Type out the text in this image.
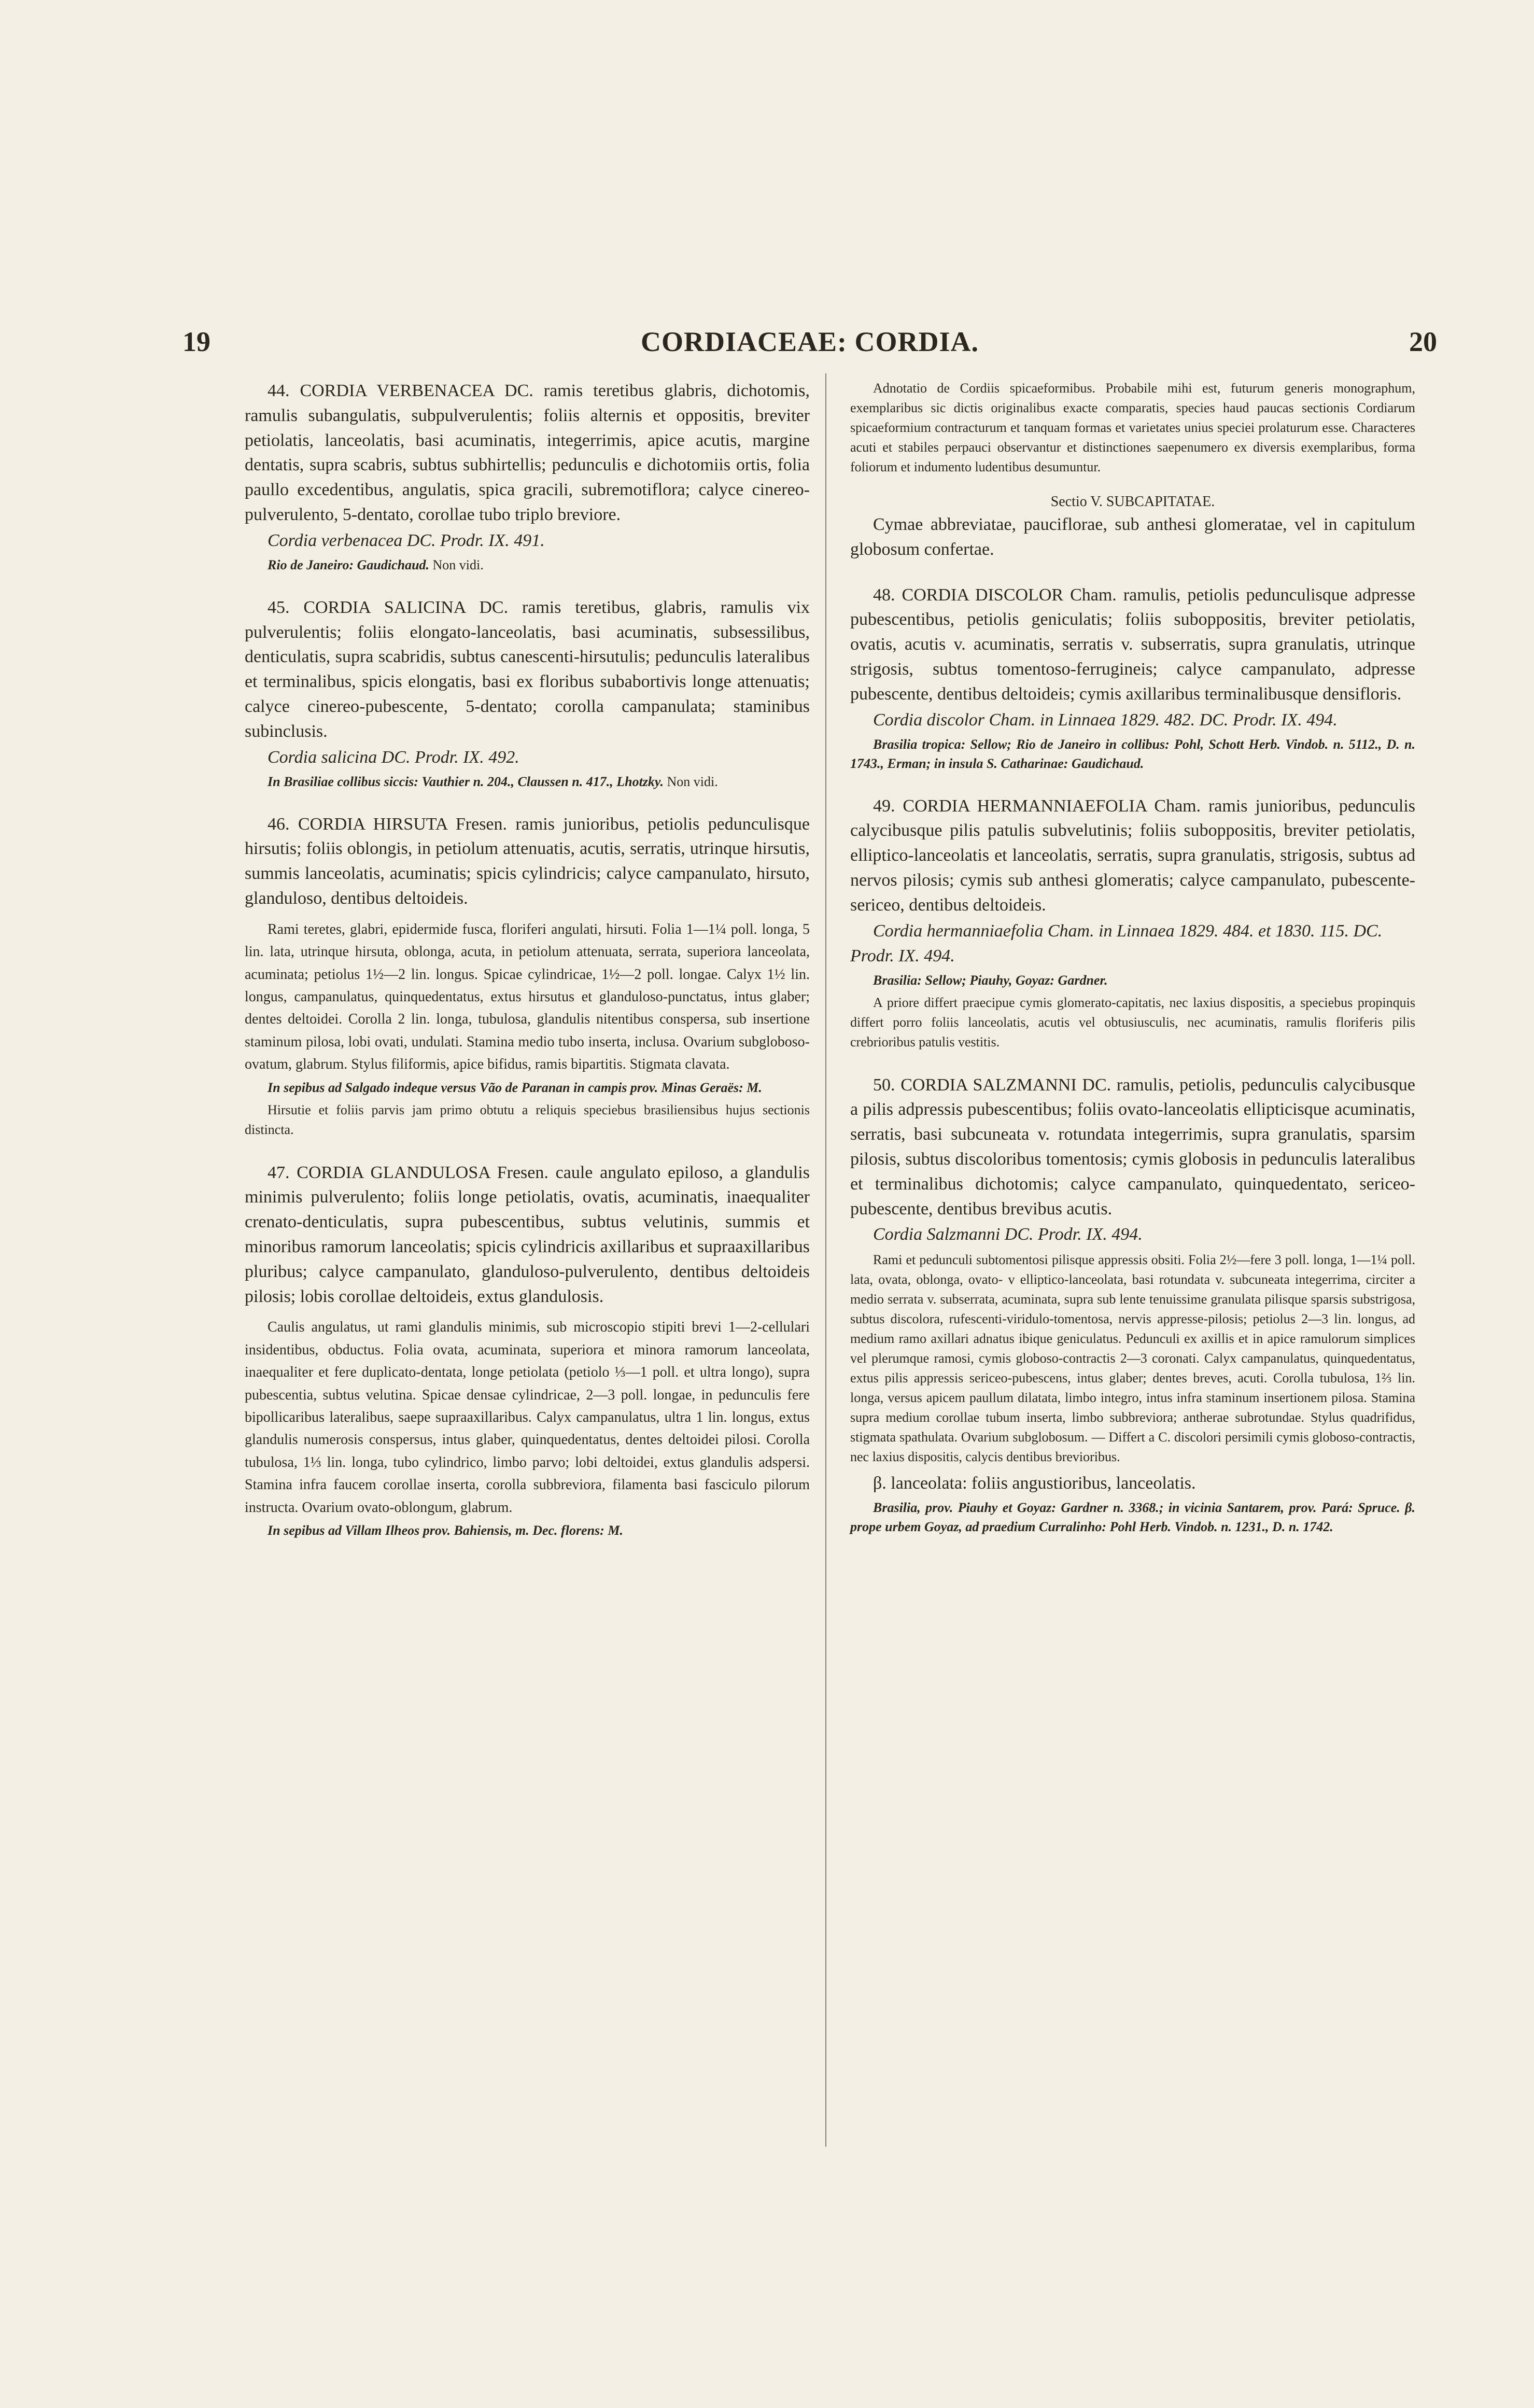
19	CORDIACEAE: CORDIA.	20

44. CORDIA VERBENACEA DC. ramis teretibus glabris, dichotomis, ramulis subangulatis, subpulverulentis; foliis alternis et oppositis, breviter petiolatis, lanceolatis, basi acuminatis, integerrimis, apice acutis, margine dentatis, supra scabris, subtus subhirtellis; pedunculis e dichotomiis ortis, folia paullo excedentibus, angulatis, spica gracili, subremotiflora; calyce cinereo-pulverulento, 5-dentato, corollae tubo triplo breviore.

Cordia verbenacea DC. Prodr. IX. 491.

Rio de Janeiro: Gaudichaud. Non vidi.

45. CORDIA SALICINA DC. ramis teretibus, glabris, ramulis vix pulverulentis; foliis elongato-lanceolatis, basi acuminatis, subsessilibus, denticulatis, supra scabridis, subtus canescenti-hirsutulis; pedunculis lateralibus et terminalibus, spicis elongatis, basi ex floribus subabortivis longe attenuatis; calyce cinereo-pubescente, 5-dentato; corolla campanulata; staminibus subinclusis.

Cordia salicina DC. Prodr. IX. 492.

In Brasiliae collibus siccis: Vauthier n. 204., Claussen n. 417., Lhotzky. Non vidi.

46. CORDIA HIRSUTA Fresen. ramis junioribus, petiolis pedunculisque hirsutis; foliis oblongis, in petiolum attenuatis, acutis, serratis, utrinque hirsutis, summis lanceolatis, acuminatis; spicis cylindricis; calyce campanulato, hirsuto, glanduloso, dentibus deltoideis.

Rami teretes, glabri, epidermide fusca, floriferi angulati, hirsuti. Folia 1—1¼ poll. longa, 5 lin. lata, utrinque hirsuta, oblonga, acuta, in petiolum attenuata, serrata, superiora lanceolata, acuminata; petiolus 1½—2 lin. longus. Spicae cylindricae, 1½—2 poll. longae. Calyx 1½ lin. longus, campanulatus, quinquedentatus, extus hirsutus et glanduloso-punctatus, intus glaber; dentes deltoidei. Corolla 2 lin. longa, tubulosa, glandulis nitentibus conspersa, sub insertione staminum pilosa, lobi ovati, undulati. Stamina medio tubo inserta, inclusa. Ovarium subgloboso-ovatum, glabrum. Stylus filiformis, apice bifidus, ramis bipartitis. Stigmata clavata.

In sepibus ad Salgado indeque versus Vão de Paranan in campis prov. Minas Geraës: M.

Hirsutie et foliis parvis jam primo obtutu a reliquis speciebus brasiliensibus hujus sectionis distincta.

47. CORDIA GLANDULOSA Fresen. caule angulato epiloso, a glandulis minimis pulverulento; foliis longe petiolatis, ovatis, acuminatis, inaequaliter crenato-denticulatis, supra pubescentibus, subtus velutinis, summis et minoribus ramorum lanceolatis; spicis cylindricis axillaribus et supraaxillaribus pluribus; calyce campanulato, glanduloso-pulverulento, dentibus deltoideis pilosis; lobis corollae deltoideis, extus glandulosis.

Caulis angulatus, ut rami glandulis minimis, sub microscopio stipiti brevi 1—2-cellulari insidentibus, obductus. Folia ovata, acuminata, superiora et minora ramorum lanceolata, inaequaliter et fere duplicato-dentata, longe petiolata (petiolo ⅓—1 poll. et ultra longo), supra pubescentia, subtus velutina. Spicae densae cylindricae, 2—3 poll. longae, in pedunculis fere bipollicaribus lateralibus, saepe supraaxillaribus. Calyx campanulatus, ultra 1 lin. longus, extus glandulis numerosis conspersus, intus glaber, quinquedentatus, dentes deltoidei pilosi. Corolla tubulosa, 1⅓ lin. longa, tubo cylindrico, limbo parvo; lobi deltoidei, extus glandulis adspersi. Stamina infra faucem corollae inserta, corolla subbreviora, filamenta basi fasciculo pilorum instructa. Ovarium ovato-oblongum, glabrum.

In sepibus ad Villam Ilheos prov. Bahiensis, m. Dec. florens: M.

Adnotatio de Cordiis spicaeformibus. Probabile mihi est, futurum generis monographum, exemplaribus sic dictis originalibus exacte comparatis, species haud paucas sectionis Cordiarum spicaeformium contracturum et tanquam formas et varietates unius speciei prolaturum esse. Characteres acuti et stabiles perpauci observantur et distinctiones saepenumero ex diversis exemplaribus, forma foliorum et indumento ludentibus desumuntur.

Sectio V. SUBCAPITATAE.

Cymae abbreviatae, pauciflorae, sub anthesi glomeratae, vel in capitulum globosum confertae.

48. CORDIA DISCOLOR Cham. ramulis, petiolis pedunculisque adpresse pubescentibus, petiolis geniculatis; foliis suboppositis, breviter petiolatis, ovatis, acutis v. acuminatis, serratis v. subserratis, supra granulatis, utrinque strigosis, subtus tomentoso-ferrugineis; calyce campanulato, adpresse pubescente, dentibus deltoideis; cymis axillaribus terminalibusque densifloris.

Cordia discolor Cham. in Linnaea 1829. 482. DC. Prodr. IX. 494.

Brasilia tropica: Sellow; Rio de Janeiro in collibus: Pohl, Schott Herb. Vindob. n. 5112., D. n. 1743., Erman; in insula S. Catharinae: Gaudichaud.

49. CORDIA HERMANNIAEFOLIA Cham. ramis junioribus, pedunculis calycibusque pilis patulis subvelutinis; foliis suboppositis, breviter petiolatis, elliptico-lanceolatis et lanceolatis, serratis, supra granulatis, strigosis, subtus ad nervos pilosis; cymis sub anthesi glomeratis; calyce campanulato, pubescente-sericeo, dentibus deltoideis.

Cordia hermanniaefolia Cham. in Linnaea 1829. 484. et 1830. 115. DC. Prodr. IX. 494.

Brasilia: Sellow; Piauhy, Goyaz: Gardner.

A priore differt praecipue cymis glomerato-capitatis, nec laxius dispositis, a speciebus propinquis differt porro foliis lanceolatis, acutis vel obtusiusculis, nec acuminatis, ramulis floriferis pilis crebrioribus patulis vestitis.

50. CORDIA SALZMANNI DC. ramulis, petiolis, pedunculis calycibusque a pilis adpressis pubescentibus; foliis ovato-lanceolatis ellipticisque acuminatis, serratis, basi subcuneata v. rotundata integerrimis, supra granulatis, sparsim pilosis, subtus discoloribus tomentosis; cymis globosis in pedunculis lateralibus et terminalibus dichotomis; calyce campanulato, quinquedentato, sericeo-pubescente, dentibus brevibus acutis.

Cordia Salzmanni DC. Prodr. IX. 494.

Rami et pedunculi subtomentosi pilisque appressis obsiti. Folia 2½—fere 3 poll. longa, 1—1¼ poll. lata, ovata, oblonga, ovato- v elliptico-lanceolata, basi rotundata v. subcuneata integerrima, circiter a medio serrata v. subserrata, acuminata, supra sub lente tenuissime granulata pilisque sparsis substrigosa, subtus discolora, rufescenti-viridulo-tomentosa, nervis appresse-pilosis; petiolus 2—3 lin. longus, ad medium ramo axillari adnatus ibique geniculatus. Pedunculi ex axillis et in apice ramulorum simplices vel plerumque ramosi, cymis globoso-contractis 2—3 coronati. Calyx campanulatus, quinquedentatus, extus pilis appressis sericeo-pubescens, intus glaber; dentes breves, acuti. Corolla tubulosa, 1⅔ lin. longa, versus apicem paullum dilatata, limbo integro, intus infra staminum insertionem pilosa. Stamina supra medium corollae tubum inserta, limbo subbreviora; antherae subrotundae. Stylus quadrifidus, stigmata spathulata. Ovarium subglobosum. — Differt a C. discolori persimili cymis globoso-contractis, nec laxius dispositis, calycis dentibus brevioribus.

β. lanceolata: foliis angustioribus, lanceolatis.

Brasilia, prov. Piauhy et Goyaz: Gardner n. 3368.; in vicinia Santarem, prov. Pará: Spruce. β. prope urbem Goyaz, ad praedium Curralinho: Pohl Herb. Vindob. n. 1231., D. n. 1742.
